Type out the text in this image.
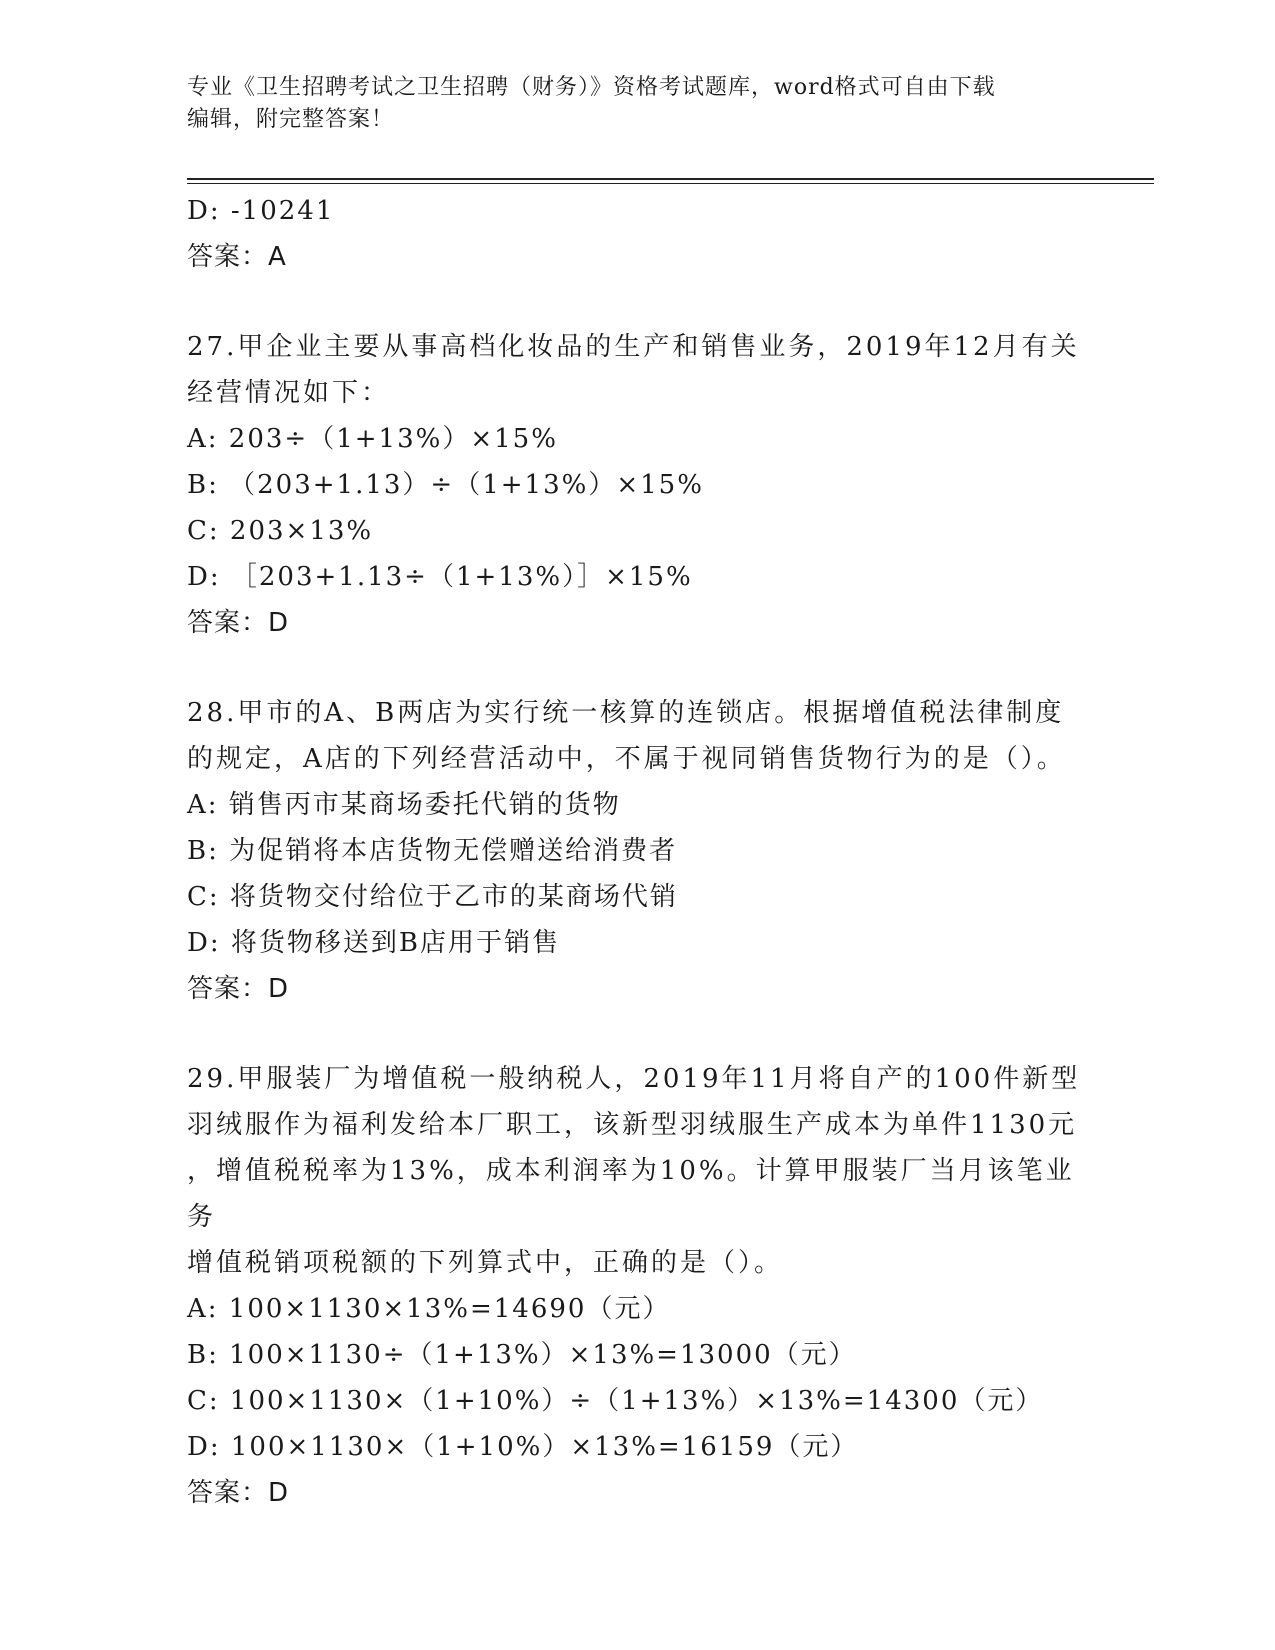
专业《卫生招聘考试之卫生招聘（财务）》资格考试题库，word格式可自由下载
编辑，附完整答案！
D: -10241
答案：A
27.甲企业主要从事高档化妆品的生产和销售业务，2019年12月有关
经营情况如下：
A: 203÷（1+13%）×15%
B: （203+1.13）÷（1+13%）×15%
C: 203×13%
D: ［203+1.13÷（1+13%）］×15%
答案：D
28.甲市的A、B两店为实行统一核算的连锁店。根据增值税法律制度
的规定，A店的下列经营活动中，不属于视同销售货物行为的是（）。
A: 销售丙市某商场委托代销的货物
B: 为促销将本店货物无偿赠送给消费者
C: 将货物交付给位于乙市的某商场代销
D: 将货物移送到B店用于销售
答案：D
29.甲服装厂为增值税一般纳税人，2019年11月将自产的100件新型
羽绒服作为福利发给本厂职工，该新型羽绒服生产成本为单件1130元
，增值税税率为13%，成本利润率为10%。计算甲服装厂当月该笔业务
增值税销项税额的下列算式中，正确的是（）。
A: 100×1130×13%=14690（元）
B: 100×1130÷（1+13%）×13%=13000（元）
C: 100×1130×（1+10%）÷（1+13%）×13%=14300（元）
D: 100×1130×（1+10%）×13%=16159（元）
答案：D
